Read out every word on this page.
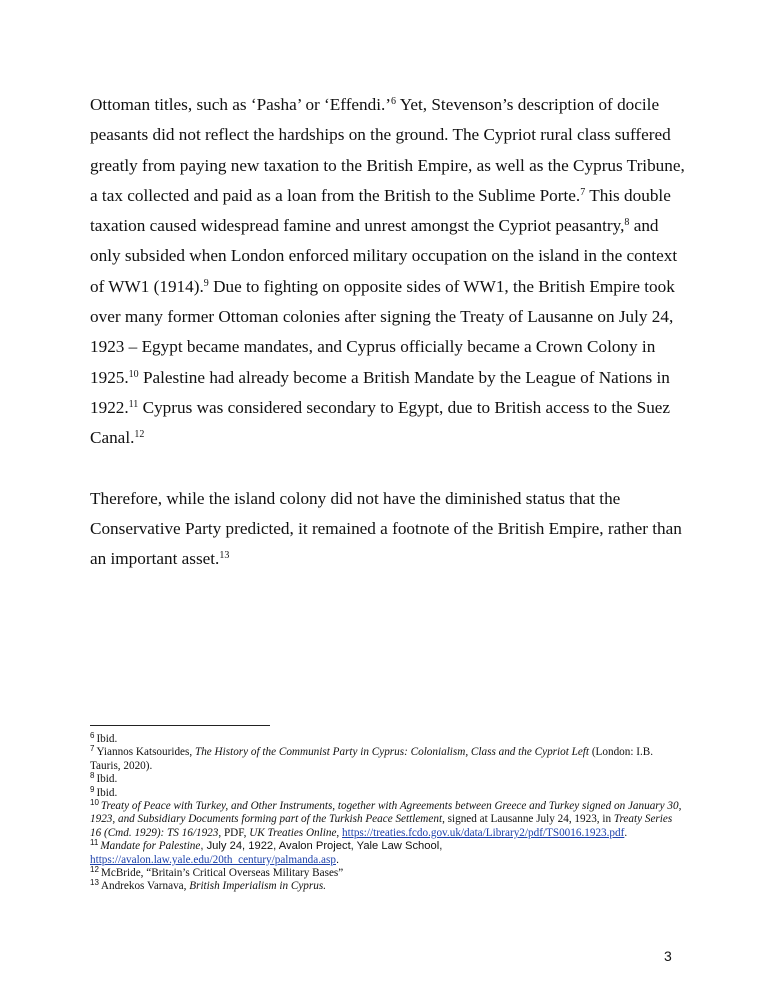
Ottoman titles, such as ‘Pasha’ or ‘Effendi.’$^6$ Yet, Stevenson’s description of docile peasants did not reflect the hardships on the ground. The Cypriot rural class suffered greatly from paying new taxation to the British Empire, as well as the Cyprus Tribune, a tax collected and paid as a loan from the British to the Sublime Porte.$^7$ This double taxation caused widespread famine and unrest amongst the Cypriot peasantry,$^8$ and only subsided when London enforced military occupation on the island in the context of WW1 (1914).$^9$ Due to fighting on opposite sides of WW1, the British Empire took over many former Ottoman colonies after signing the Treaty of Lausanne on July 24, 1923 – Egypt became mandates, and Cyprus officially became a Crown Colony in 1925.10 Palestine had already become a British Mandate by the League of Nations in 1922.11 Cyprus was considered secondary to Egypt, due to British access to the Suez Canal.$^{12}$

Therefore, while the island colony did not have the diminished status that the Conservative Party predicted, it remained a footnote of the British Empire, rather than an important asset.$^{13}$

$^6$ Ibid.

$^7$ Yiannos Katsourides, The History of the Communist Party in Cyprus: Colonialism, Class and the Cypriot Left (London: I.B. Tauris, 2020).

$^8$ Ibid.

$^9$ Ibid.

$^{10}$ Treaty of Peace with Turkey, and Other Instruments, together with Agreements between Greece and Turkey signed on January 30, 1923, and Subsidiary Documents forming part of the Turkish Peace Settlement, signed at Lausanne July 24, 1923, in Treaty Series 16 (Cmd. 1929): TS 16/1923, PDF, UK Treaties Online, https://treaties.fcdo.gov.uk/data/Library2/pdf/TS0016.1923.pdf.

$^{11}$ Mandate for Palestine, July 24, 1922, Avalon Project, Yale Law School, https://avalon.law.yale.edu/20th_century/palmanda.asp.

$^{12}$ McBride, “Britain’s Critical Overseas Military Bases”

$^{13}$ Andrekos Varnava, British Imperialism in Cyprus.

3
